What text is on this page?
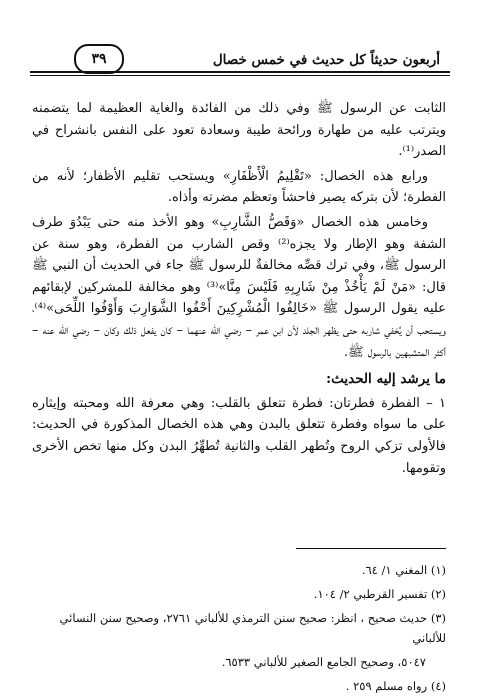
أربعون حديثاً كل حديث في خمس خصال
٣٩

الثابت عن الرسول ﷺ وفي ذلك من الفائدة والغاية العظيمة لما يتضمنه ويترتب عليه من طهارة ورائحة طيبة وسعادة تعود على النفس بانشراح في الصدر⁽¹⁾.

ورابع هذه الخصال: «تَقْلِيمُ الْأَظْفَارِ» ويستحب تقليم الأظفار؛ لأنه من الفطرة؛ لأن بتركه يصير فاحشاً وتعظم مضرته وأذاه.

وخامس هذه الخصال «وَقَصُّ الشَّارِبِ» وهو الأخذ منه حتى يَبْدُوَ طرف الشفة وهو الإطار ولا يجزه⁽²⁾ وقص الشارب من الفطرة، وهو سنة عن الرسول ﷺ، وفي ترك قصِّه مخالفةٌ للرسول ﷺ جاء في الحديث أن النبي ﷺ قال: «مَنْ لَمْ يَأْخُذْ مِنْ شَارِبِهِ فَلَيْسَ مِنَّا»⁽³⁾ وهو مخالفة للمشركين لإبقائهم عليه يقول الرسول ﷺ «خَالِفُوا الْمُشْرِكِينَ أَحْفُوا الشَّوَارِبَ وَأَوْفُوا اللِّحَى»⁽⁴⁾، ويستحب أن يُخفي شاربه حتى يظهر الجلد لأن ابن عمر – رضي الله عنهما – كان يفعل ذلك وكان – رضي الله عنه – أكثر المتشبهين بالرسول ﷺ.

ما يرشد إليه الحديث:

١ – الفطرة فطرتان: فطرة تتعلق بالقلب: وهي معرفة الله ومحبته وإيثاره على ما سواه وفطرة تتعلق بالبدن وهي هذه الخصال المذكورة في الحديث: فالأولى تزكي الروح وتُطهر القلب والثانية تُطهِّرُ البدن وكل منها تخص الأخرى وتقومها.

(١) المغني ١/ ٦٤.

(٢) تفسير القرطبي ٢/ ١٠٤.

(٣) حديث صحيح ، انظر: صحيح سنن الترمذي للألباني ٢٧٦١، وصحيح سنن النسائي للألباني

٥٠٤٧، وصحيح الجامع الصغير للألباني ٦٥٣٣.

(٤) رواه مسلم ٢٥٩ .
